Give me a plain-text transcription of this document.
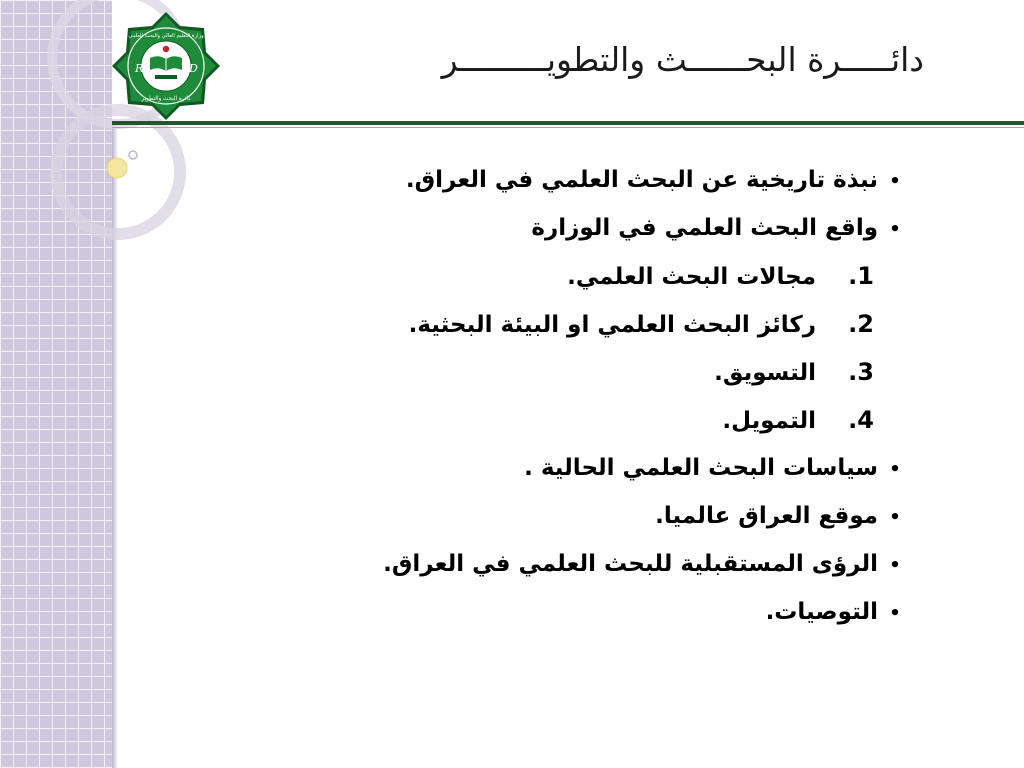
R	D
وزارة التعليم العالي والبحث العلمي
دائرة البحث والتطوير
دائـــــرة البحــــــث والتطويـــــــــر
•نبذة تاريخية عن البحث العلمي في العراق.
•واقع البحث العلمي في الوزارة
1.مجالات البحث العلمي.
2.ركائز البحث العلمي او البيئة البحثية.
3.التسويق.
4.التمويل.
•سياسات البحث العلمي الحالية .
•موقع العراق عالميا.
•الرؤى المستقبلية للبحث العلمي في العراق.
•التوصيات.
